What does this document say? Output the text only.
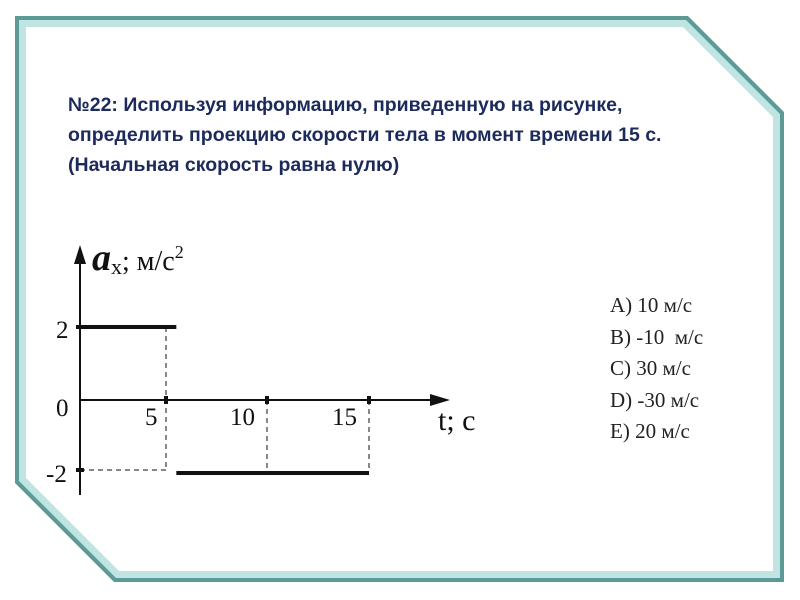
№22: Используя информацию, приведенную на рисунке,
определить проекцию скорости тела в момент времени 15 с.
(Начальная скорость равна нулю)
2
0
-2
5	10	15
ax; м/с2
t; с
A) 10 м/с
B) -10  м/с
C) 30 м/с
D) -30 м/с
E) 20 м/с
